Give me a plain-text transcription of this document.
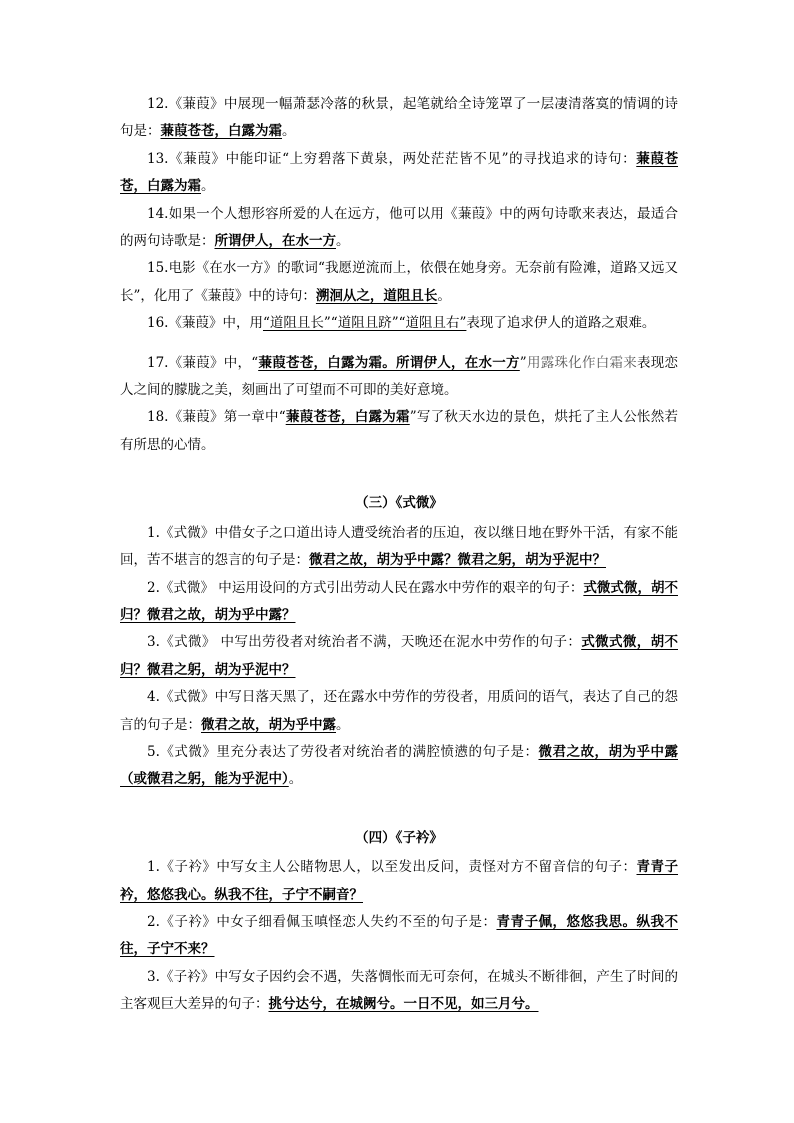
12.《蒹葭》中展现一幅萧瑟冷落的秋景，起笔就给全诗笼罩了一层凄清落寞的情调的诗句是：蒹葭苍苍，白露为霜。

13.《蒹葭》中能印证“上穷碧落下黄泉，两处茫茫皆不见”的寻找追求的诗句：蒹葭苍苍，白露为霜。

14.如果一个人想形容所爱的人在远方，他可以用《蒹葭》中的两句诗歌来表达，最适合的两句诗歌是：所谓伊人，在水一方。

15.电影《在水一方》的歌词“我愿逆流而上，依偎在她身旁。无奈前有险滩，道路又远又长”，化用了《蒹葭》中的诗句：溯洄从之，道阻且长。

16.《蒹葭》中，用“道阻且长”“道阻且跻”“道阻且右”表现了追求伊人的道路之艰难。

17.《蒹葭》中，“蒹葭苍苍，白露为霜。所谓伊人，在水一方”用露珠化作白霜来表现恋人之间的朦胧之美，刻画出了可望而不可即的美好意境。

18.《蒹葭》第一章中“蒹葭苍苍，白露为霜”写了秋天水边的景色，烘托了主人公怅然若有所思的心情。

（三）《式微》

1.《式微》中借女子之口道出诗人遭受统治者的压迫，夜以继日地在野外干活，有家不能回，苦不堪言的怨言的句子是：微君之故，胡为乎中露？微君之躬，胡为乎泥中？

2.《式微》 中运用设问的方式引出劳动人民在露水中劳作的艰辛的句子：式微式微，胡不归？微君之故，胡为乎中露？

3.《式微》 中写出劳役者对统治者不满，天晚还在泥水中劳作的句子：式微式微，胡不归？微君之躬，胡为乎泥中？

4.《式微》中写日落天黑了，还在露水中劳作的劳役者，用质问的语气，表达了自己的怨言的句子是：微君之故，胡为乎中露。

5.《式微》里充分表达了劳役者对统治者的满腔愤懑的句子是：微君之故，胡为乎中露（或微君之躬，能为乎泥中）。

（四）《子衿》

1.《子衿》中写女主人公睹物思人，以至发出反问，责怪对方不留音信的句子：青青子衿，悠悠我心。纵我不往，子宁不嗣音？

2.《子衿》中女子细看佩玉嗔怪恋人失约不至的句子是：青青子佩，悠悠我思。纵我不往，子宁不来？

3.《子衿》中写女子因约会不遇，失落惆怅而无可奈何，在城头不断徘徊，产生了时间的主客观巨大差异的句子：挑兮达兮，在城阙兮。一日不见，如三月兮。
